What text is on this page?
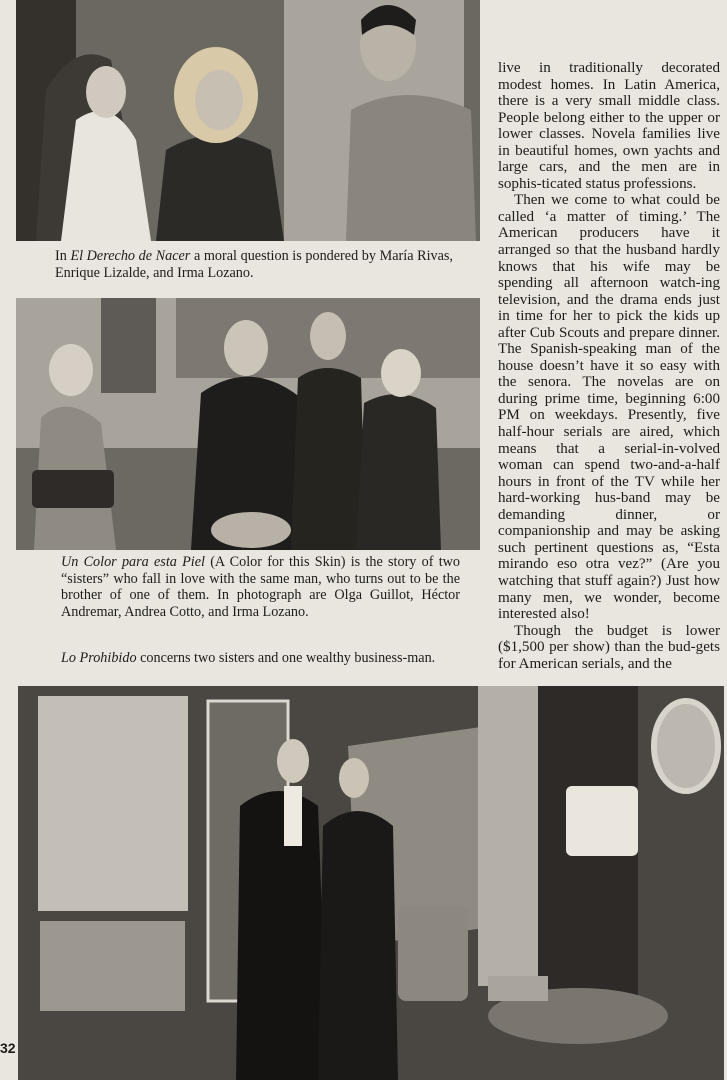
In El Derecho de Nacer a moral question is pondered by María Rivas, Enrique Lizalde, and Irma Lozano.
Un Color para esta Piel (A Color for this Skin) is the story of two “sisters” who fall in love with the same man, who turns out to be the brother of one of them. In photograph are Olga Guillot, Héctor Andremar, Andrea Cotto, and Irma Lozano.
Lo Prohibido concerns two sisters and one wealthy business-man.

live in traditionally decorated modest homes. In Latin America, there is a very small middle class. People belong either to the upper or lower classes. Novela families live in beautiful homes, own yachts and large cars, and the men are in sophis-ticated status professions.

Then we come to what could be called ‘a matter of timing.’ The American producers have it arranged so that the husband hardly knows that his wife may be spending all afternoon watch-ing television, and the drama ends just in time for her to pick the kids up after Cub Scouts and prepare dinner. The Spanish-speaking man of the house doesn’t have it so easy with the senora. The novelas are on during prime time, beginning 6:00 PM on weekdays. Presently, five half-hour serials are aired, which means that a serial-in-volved woman can spend two-and-a-half hours in front of the TV while her hard-working hus-band may be demanding dinner, or companionship and may be asking such pertinent questions as, “Esta mirando eso otra vez?” (Are you watching that stuff again?) Just how many men, we wonder, become interested also!

Though the budget is lower ($1,500 per show) than the bud-gets for American serials, and the

32
